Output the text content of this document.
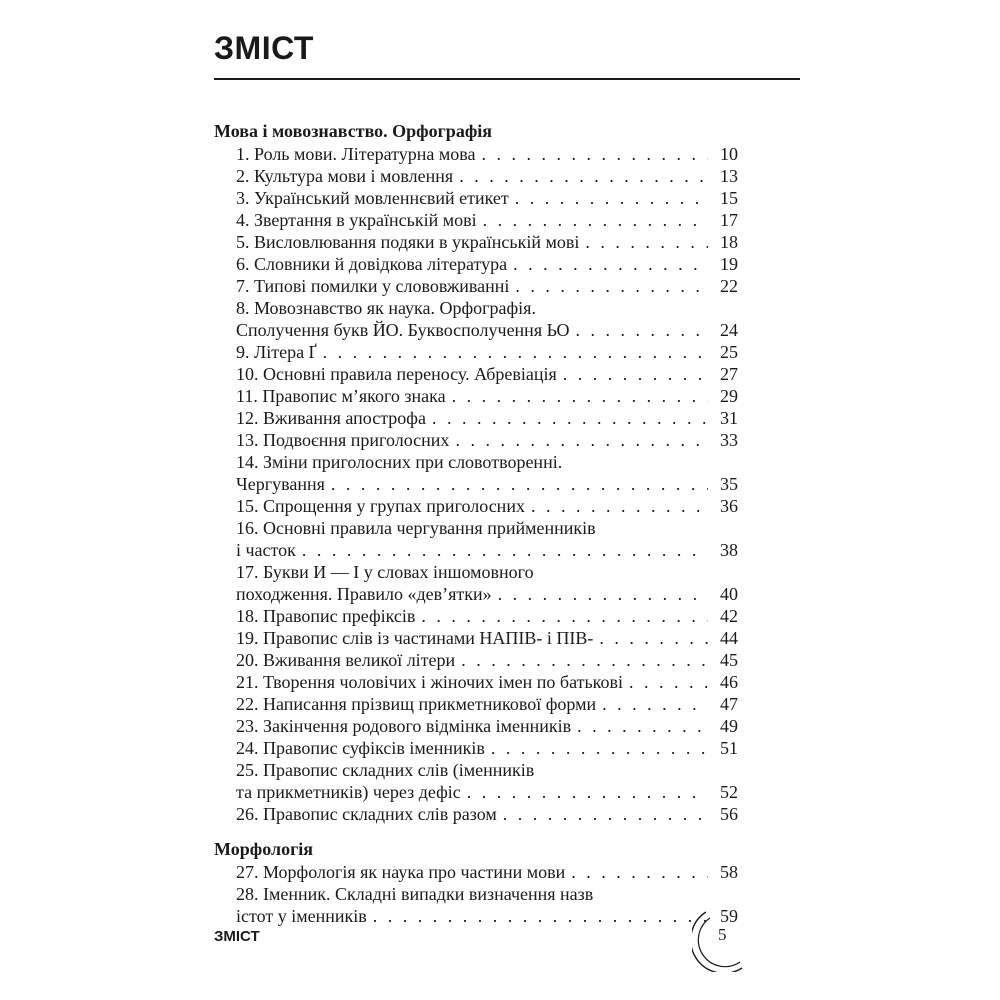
ЗМІСТ
Мова і мовознавство. Орфографія
1. Роль мови. Літературна мова . . .	10
2. Культура мови і мовлення . . .	13
3. Український мовленнєвий етикет . . .	15
4. Звертання в українській мові . . .	17
5. Висловлювання подяки в українській мові . . .	18
6. Словники й довідкова література . . .	19
7. Типові помилки у слововживанні . . .	22
8. Мовознавство як наука. Орфографія.
Сполучення букв ЙО. Буквосполучення ЬО . . .	24
9. Літера Ґ . . .	25
10. Основні правила переносу. Абревіація . . .	27
11. Правопис м’якого знака . . .	29
12. Вживання апострофа . . .	31
13. Подвоєння приголосних . . .	33
14. Зміни приголосних при словотворенні.
Чергування . . .	35
15. Спрощення у групах приголосних . . .	36
16. Основні правила чергування прийменників
і часток . . .	38
17. Букви И — І у словах іншомовного
походження. Правило «дев’ятки» . . .	40
18. Правопис префіксів . . .	42
19. Правопис слів із частинами НАПІВ- і ПІВ- . . .	44
20. Вживання великої літери . . .	45
21. Творення чоловічих і жіночих імен по батькові . . .	46
22. Написання прізвищ прикметникової форми . . .	47
23. Закінчення родового відмінка іменників . . .	49
24. Правопис суфіксів іменників . . .	51
25. Правопис складних слів (іменників
та прикметників) через дефіс . . .	52
26. Правопис складних слів разом . . .	56
Морфологія
27. Морфологія як наука про частини мови . . .	58
28. Іменник. Складні випадки визначення назв
істот у іменників . . .	59
ЗМІСТ	5
